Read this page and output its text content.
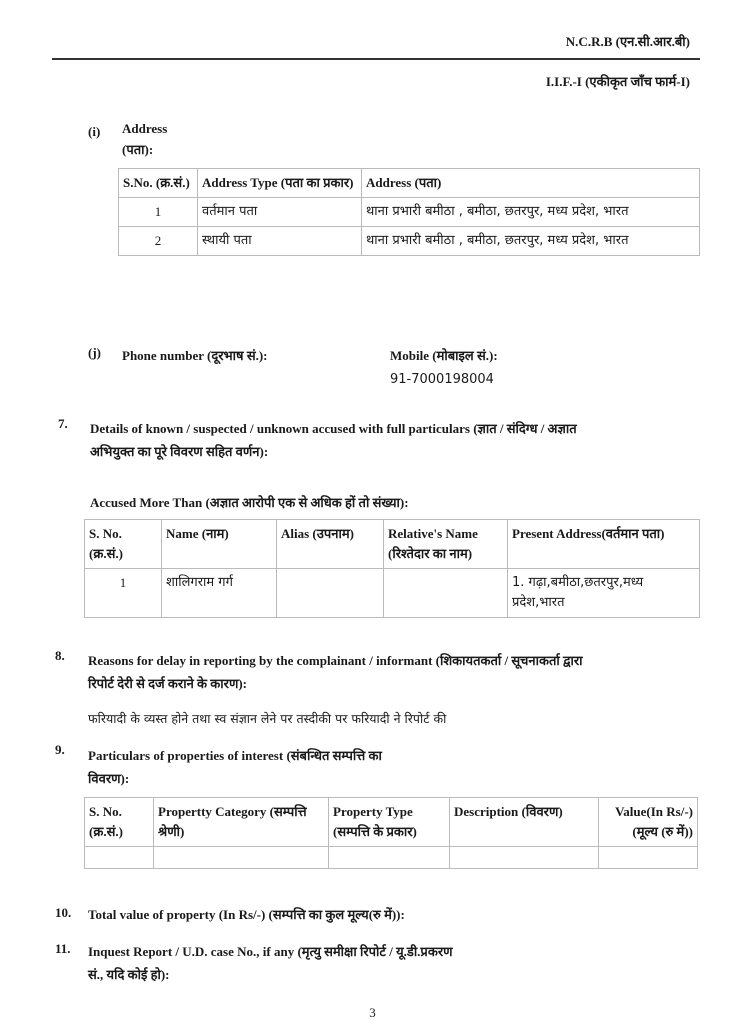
N.C.R.B (एन.सी.आर.बी)
I.I.F.-I (एकीकृत जाँच फार्म-I)
(i) Address
(पता):
S.No. (क्र.सं.)	Address Type (पता का प्रकार)	Address (पता)
1	वर्तमान पता	थाना प्रभारी बमीठा , बमीठा, छतरपुर, मध्य प्रदेश, भारत
2	स्थायी पता	थाना प्रभारी बमीठा , बमीठा, छतरपुर, मध्य प्रदेश, भारत
(j) Phone number (दूरभाष सं.):	Mobile (मोबाइल सं.):
91-7000198004
7. Details of known / suspected / unknown accused with full particulars (ज्ञात / संदिग्ध / अज्ञात
अभियुक्त का पूरे विवरण सहित वर्णन):
Accused More Than (अज्ञात आरोपी एक से अधिक हों तो संख्या):
S. No. (क्र.सं.)	Name (नाम)	Alias (उपनाम)	Relative's Name (रिश्तेदार का नाम)	Present Address(वर्तमान पता)
1	शालिगराम गर्ग			1. गढ़ा,बमीठा,छतरपुर,मध्य प्रदेश,भारत
8. Reasons for delay in reporting by the complainant / informant (शिकायतकर्ता / सूचनाकर्ता द्वारा
रिपोर्ट देरी से दर्ज कराने के कारण):
फरियादी के व्यस्त होने तथा स्व संज्ञान लेने पर तस्दीकी पर फरियादी ने रिपोर्ट की
9. Particulars of properties of interest (संबन्धित सम्पत्ति का
विवरण):
S. No. (क्र.सं.)	Propertty Category (सम्पत्ति श्रेणी)	Property Type (सम्पत्ति के प्रकार)	Description (विवरण)	Value(In Rs/-) (मूल्य (रु में))

10. Total value of property (In Rs/-) (सम्पत्ति का कुल मूल्य(रु में)):
11. Inquest Report / U.D. case No., if any (मृत्यु समीक्षा रिपोर्ट / यू.डी.प्रकरण
सं., यदि कोई हो):
3
